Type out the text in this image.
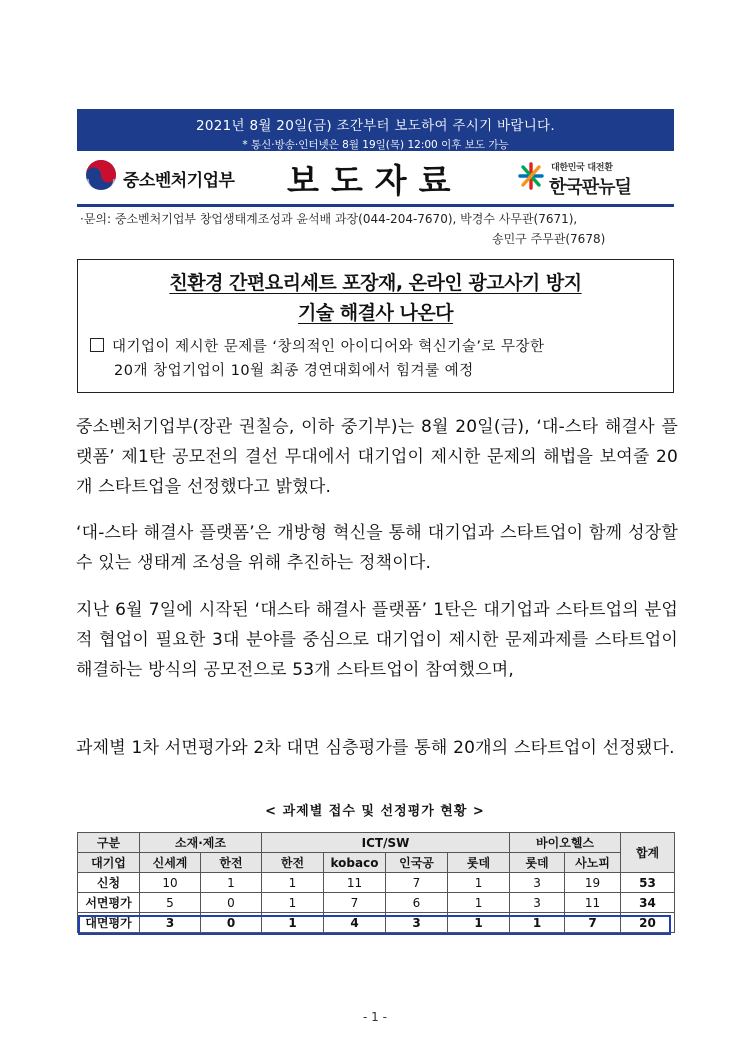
2021년 8월 20일(금) 조간부터 보도하여 주시기 바랍니다.
* 통신·방송·인터넷은 8월 19일(목) 12:00 이후 보도 가능
중소벤처기업부 보도자료	대한민국 대전환
한국판뉴딜
·문의: 중소벤처기업부 창업생태계조성과 윤석배 과장(044-204-7670), 박경수 사무관(7671),
송민구 주무관(7678)
친환경 간편요리세트 포장재, 온라인 광고사기 방지
기술 해결사 나온다
대기업이 제시한 문제를 ‘창의적인 아이디어와 혁신기술’로 무장한
20개 창업기업이 10월 최종 경연대회에서 힘겨룰 예정
중소벤처기업부(장관 권칠승, 이하 중기부)는 8월 20일(금), ‘대-스타 해결사 플랫폼’ 제1탄 공모전의 결선 무대에서 대기업이 제시한 문제의 해법을 보여줄 20개 스타트업을 선정했다고 밝혔다.
‘대-스타 해결사 플랫폼’은 개방형 혁신을 통해 대기업과 스타트업이 함께 성장할 수 있는 생태계 조성을 위해 추진하는 정책이다.
지난 6월 7일에 시작된 ‘대스타 해결사 플랫폼’ 1탄은 대기업과 스타트업의 분업적 협업이 필요한 3대 분야를 중심으로 대기업이 제시한 문제과제를 스타트업이 해결하는 방식의 공모전으로 53개 스타트업이 참여했으며,
과제별 1차 서면평가와 2차 대면 심층평가를 통해 20개의 스타트업이 선정됐다.
< 과제별 접수 및 선정평가 현황 >
구분	소재·제조		ICT/SW				바이오헬스		합계
대기업	신세계	한전	한전	kobaco	인국공	롯데	롯데	사노피	
신청	10	1	1	11	7	1	3	19	53
서면평가	5	0	1	7	6	1	3	11	34
대면평가	3	0	1	4	3	1	1	7	20
- 1 -
